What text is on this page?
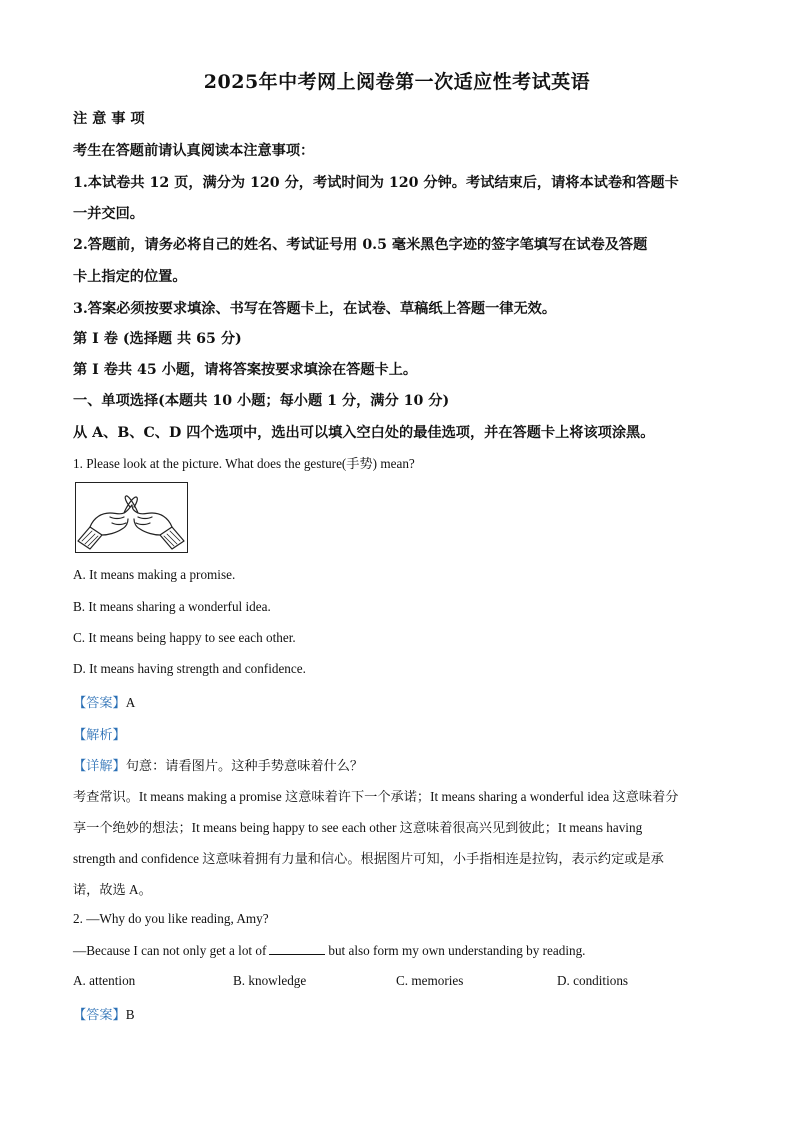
2025年中考网上阅卷第一次适应性考试英语
注 意 事 项
考生在答题前请认真阅读本注意事项：
1.本试卷共 12 页，满分为 120 分，考试时间为 120 分钟。考试结束后，请将本试卷和答题卡
一并交回。
2.答题前，请务必将自己的姓名、考试证号用 0.5 毫米黑色字迹的签字笔填写在试卷及答题
卡上指定的位置。
3.答案必须按要求填涂、书写在答题卡上，在试卷、草稿纸上答题一律无效。
第 I 卷 (选择题 共 65 分)
第 I 卷共 45 小题，请将答案按要求填涂在答题卡上。
一、单项选择(本题共 10 小题；每小题 1 分，满分 10 分)
从 A、B、C、D 四个选项中，选出可以填入空白处的最佳选项，并在答题卡上将该项涂黑。
1. Please look at the picture. What does the gesture(手势) mean?
A. It means making a promise.
B. It means sharing a wonderful idea.
C. It means being happy to see each other.
D. It means having strength and confidence.
【答案】A
【解析】
【详解】句意：请看图片。这种手势意味着什么？
考查常识。It means making a promise 这意味着许下一个承诺；It means sharing a wonderful idea 这意味着分
享一个绝妙的想法；It means being happy to see each other 这意味着很高兴见到彼此；It means having
strength and confidence 这意味着拥有力量和信心。根据图片可知，小手指相连是拉钩，表示约定或是承
诺，故选 A。
2. —Why do you like reading, Amy?
—Because I can not only get a lot of	but also form my own understanding by reading.
A. attention	B. knowledge	C. memories	D. conditions
【答案】B
